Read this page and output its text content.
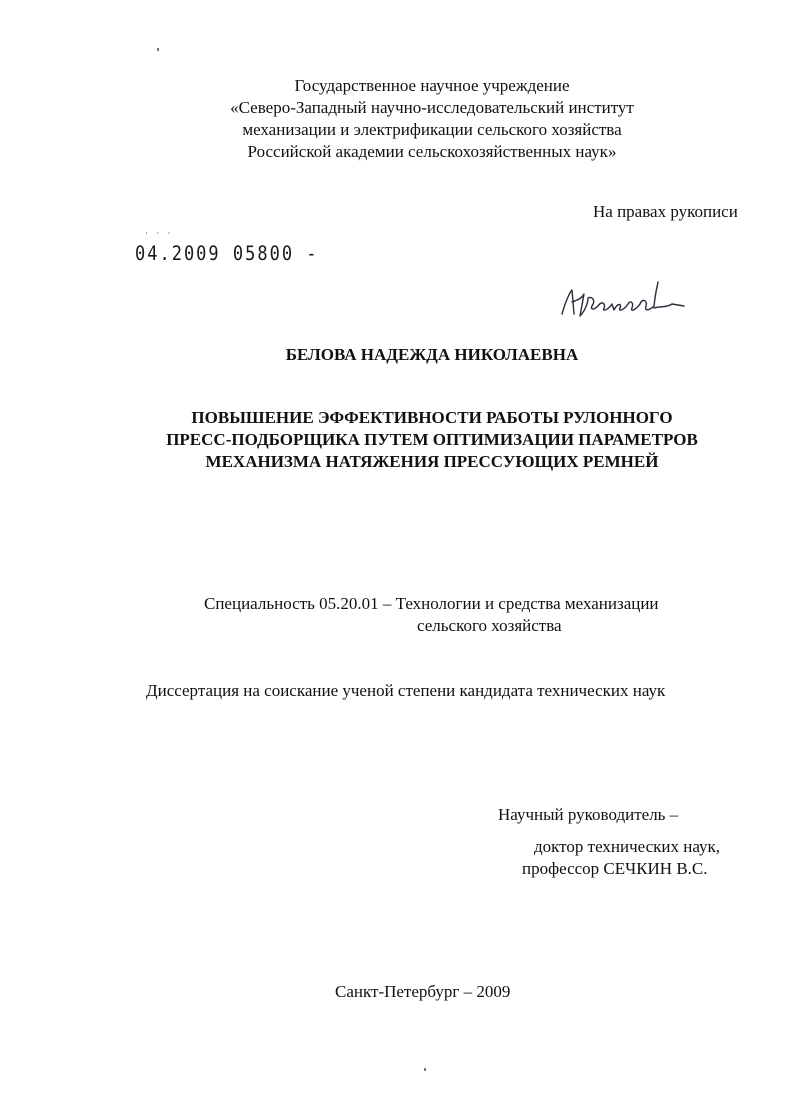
Государственное научное учреждение
«Северо-Западный научно-исследовательский институт
механизации и электрификации сельского хозяйства
Российской академии сельскохозяйственных наук»
На правах рукописи
· · ·
04.2009 05800 -
БЕЛОВА НАДЕЖДА НИКОЛАЕВНА
ПОВЫШЕНИЕ ЭФФЕКТИВНОСТИ РАБОТЫ РУЛОННОГО
ПРЕСС-ПОДБОРЩИКА ПУТЕМ ОПТИМИЗАЦИИ ПАРАМЕТРОВ
МЕХАНИЗМА НАТЯЖЕНИЯ ПРЕССУЮЩИХ РЕМНЕЙ
Специальность 05.20.01 – Технологии и средства механизации
сельского хозяйства
Диссертация на соискание ученой степени кандидата технических наук
Научный руководитель –
доктор технических наук,
профессор СЕЧКИН В.С.
Санкт-Петербург – 2009
